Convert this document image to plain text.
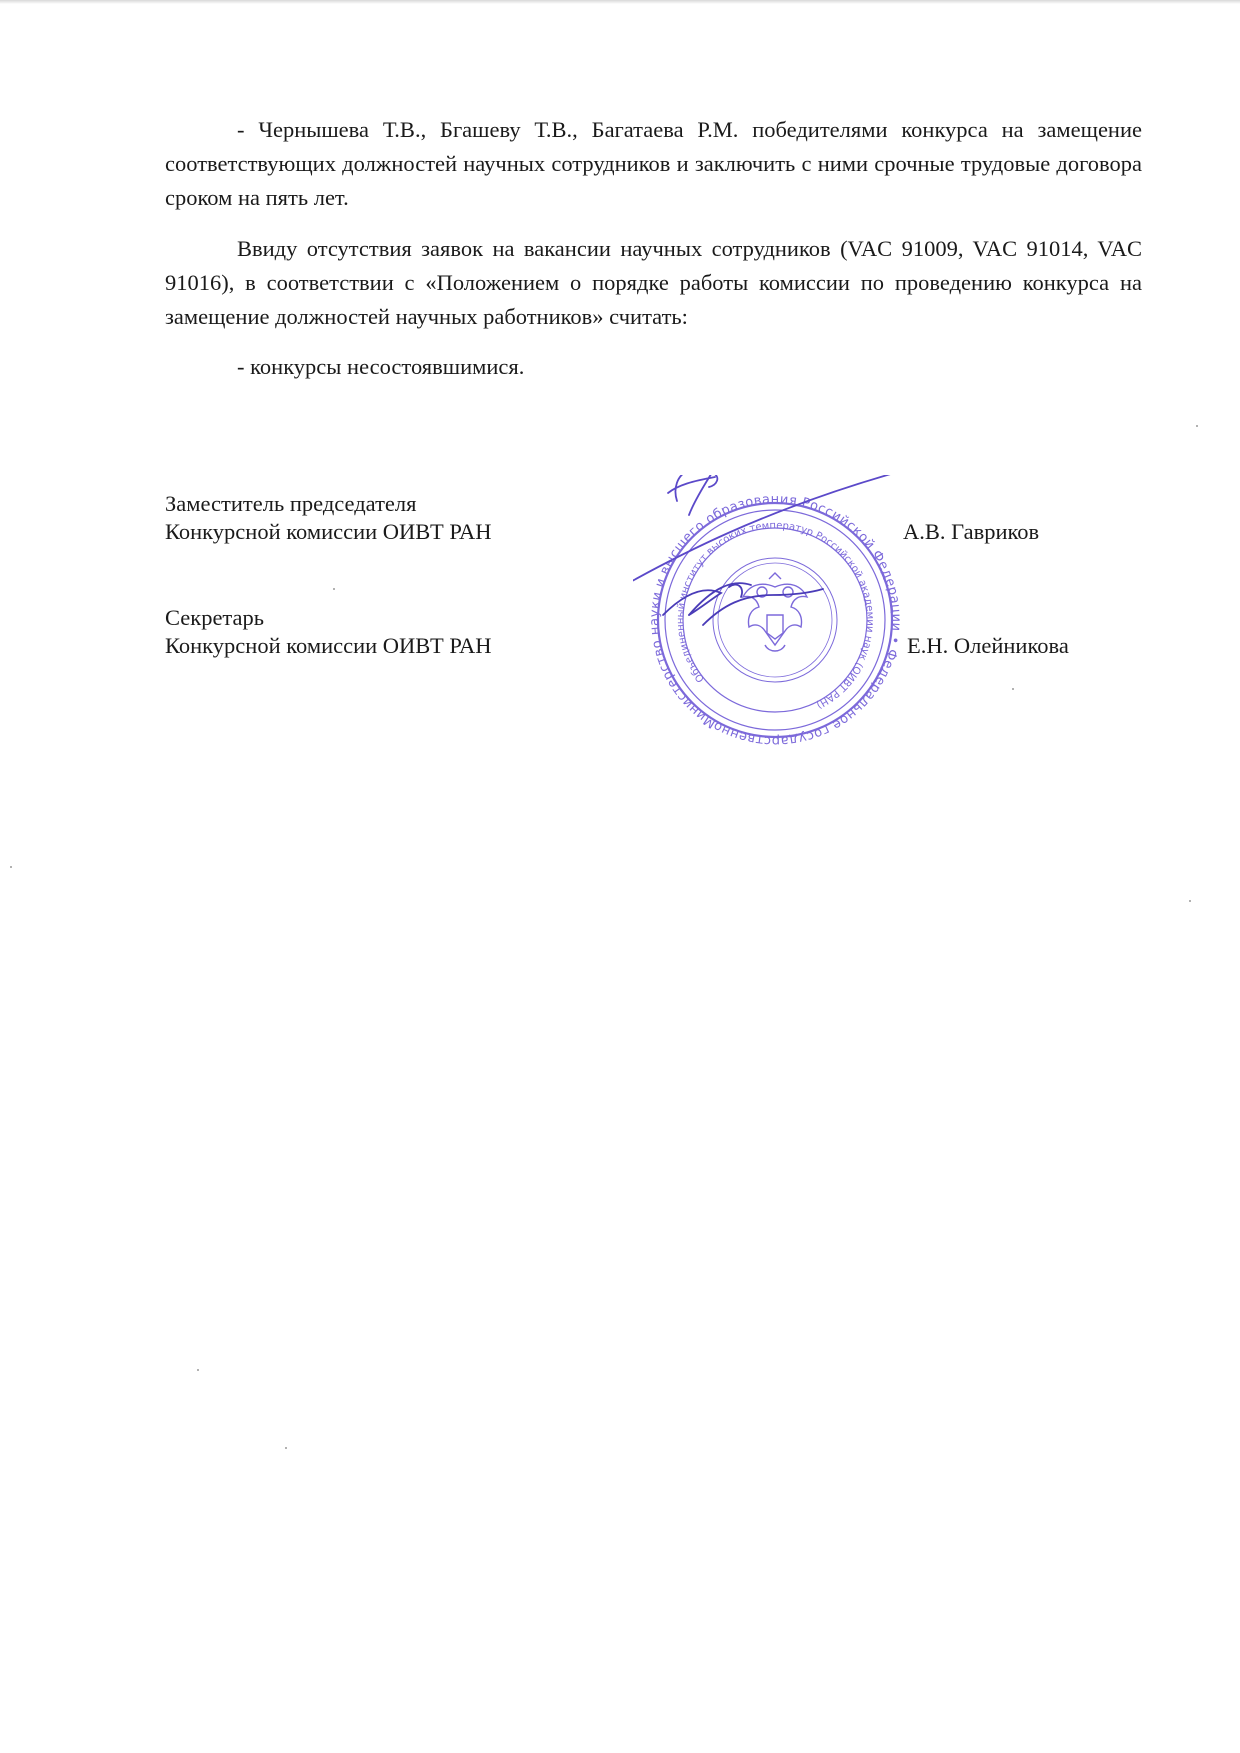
- Чернышева Т.В., Бгашеву Т.В., Багатаева Р.М. победителями конкурса на замещение соответствующих должностей научных сотрудников и заключить с ними срочные трудовые договора сроком на пять лет.

Ввиду отсутствия заявок на вакансии научных сотрудников (VAC 91009, VAC 91014, VAC 91016), в соответствии с «Положением о порядке работы комиссии по проведению конкурса на замещение должностей научных работников» считать:

- конкурсы несостоявшимися.

Заместитель председателя
Конкурсной комиссии ОИВТ РАН	А.В. Гавриков
Секретарь
Конкурсной комиссии ОИВТ РАН	Е.Н. Олейникова
Министерство науки и высшего образования Российской Федерации • Федеральное государственное
Объединенный институт высоких температур Российской академии наук (ОИВТ РАН)
